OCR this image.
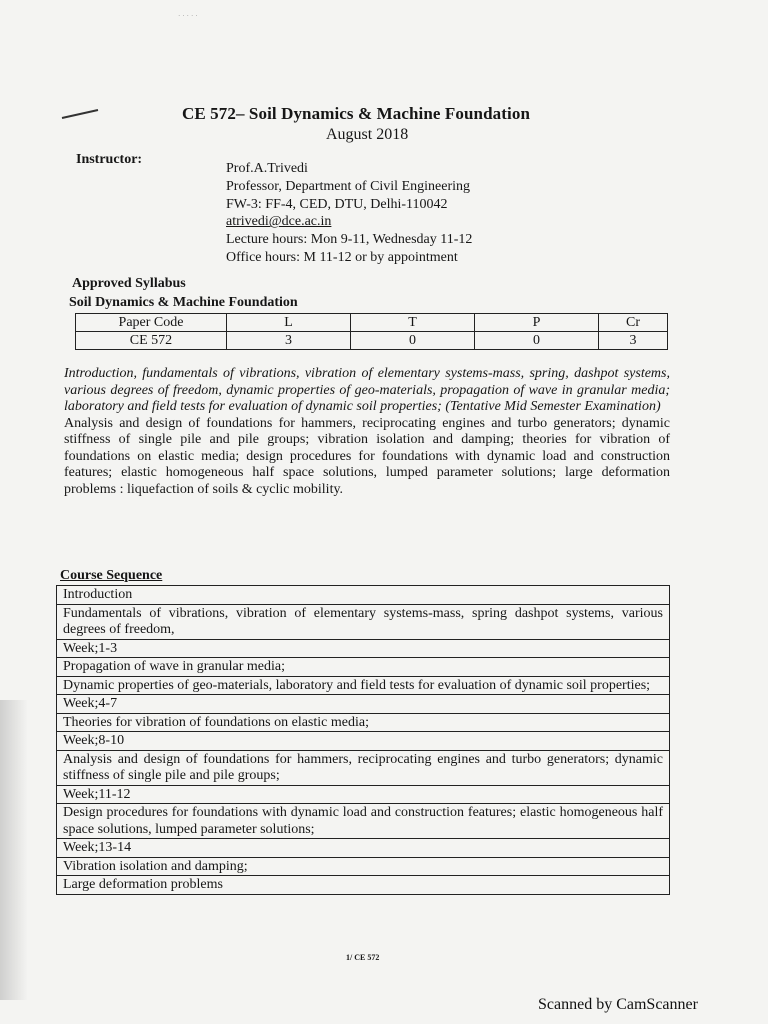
·····
CE 572– Soil Dynamics & Machine Foundation
August 2018
Instructor:
Prof.A.Trivedi
Professor, Department of Civil Engineering
FW-3: FF-4, CED, DTU, Delhi-110042
atrivedi@dce.ac.in
Lecture hours: Mon 9-11, Wednesday 11-12
Office hours: M 11-12 or by appointment
Approved Syllabus
Soil Dynamics & Machine Foundation
Paper Code	L	T	P	Cr
CE 572	3	0	0	3
Introduction, fundamentals of vibrations, vibration of elementary systems-mass, spring, dashpot systems, various degrees of freedom, dynamic properties of geo-materials, propagation of wave in granular media; laboratory and field tests for evaluation of dynamic soil properties; (Tentative Mid Semester Examination)
Analysis and design of foundations for hammers, reciprocating engines and turbo generators; dynamic stiffness of single pile and pile groups; vibration isolation and damping; theories for vibration of foundations on elastic media; design procedures for foundations with dynamic load and construction features; elastic homogeneous half space solutions, lumped parameter solutions; large deformation problems : liquefaction of soils & cyclic mobility.
Course Sequence
Introduction
Fundamentals of vibrations, vibration of elementary systems-mass, spring dashpot systems, various degrees of freedom,
Week;1-3
Propagation of wave in granular media;
Dynamic properties of geo-materials, laboratory and field tests for evaluation of dynamic soil properties;
Week;4-7
Theories for vibration of foundations on elastic media;
Week;8-10
Analysis and design of foundations for hammers, reciprocating engines and turbo generators; dynamic stiffness of single pile and pile groups;
Week;11-12
Design procedures for foundations with dynamic load and construction features; elastic homogeneous half space solutions, lumped parameter solutions;
Week;13-14
Vibration isolation and damping;
Large deformation problems
1/ CE 572
Scanned by CamScanner
